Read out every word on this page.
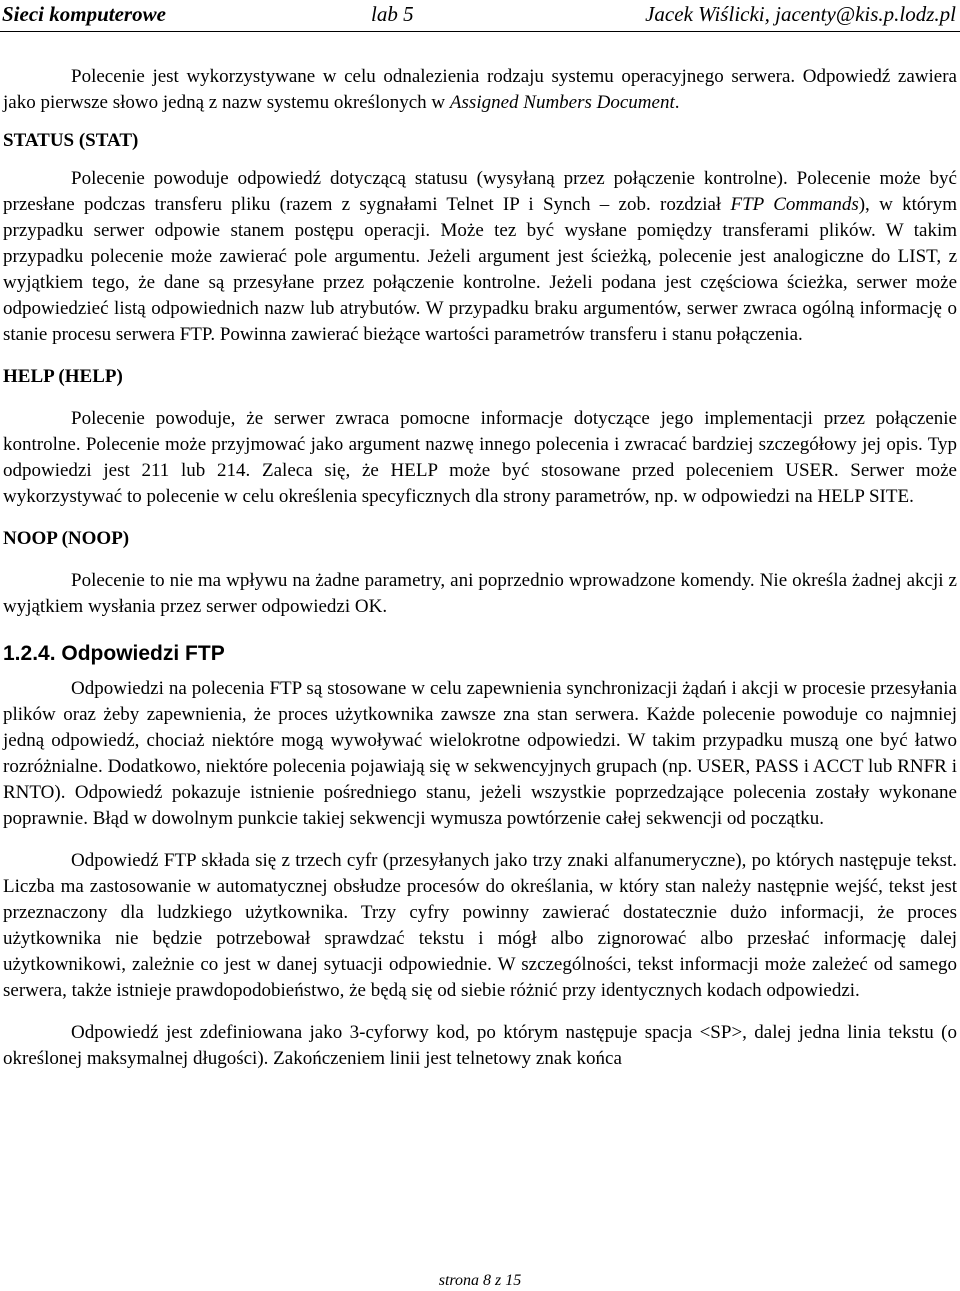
Sieci komputerowe	lab 5	Jacek Wiślicki, jacenty@kis.p.lodz.pl

Polecenie jest wykorzystywane w celu odnalezienia rodzaju systemu operacyjnego serwera. Odpowiedź zawiera jako pierwsze słowo jedną z nazw systemu określonych w Assigned Numbers Document.

STATUS (STAT)

Polecenie powoduje odpowiedź dotyczącą statusu (wysyłaną przez połączenie kontrolne). Polecenie może być przesłane podczas transferu pliku (razem z sygnałami Telnet IP i Synch – zob. rozdział FTP Commands), w którym przypadku serwer odpowie stanem postępu operacji. Może tez być wysłane pomiędzy transferami plików. W takim przypadku polecenie może zawierać pole argumentu. Jeżeli argument jest ścieżką, polecenie jest analogiczne do LIST, z wyjątkiem tego, że dane są przesyłane przez połączenie kontrolne. Jeżeli podana jest częściowa ścieżka, serwer może odpowiedzieć listą odpowiednich nazw lub atrybutów. W przypadku braku argumentów, serwer zwraca ogólną informację o stanie procesu serwera FTP. Powinna zawierać bieżące wartości parametrów transferu i stanu połączenia.

HELP (HELP)

Polecenie powoduje, że serwer zwraca pomocne informacje dotyczące jego implementacji przez połączenie kontrolne. Polecenie może przyjmować jako argument nazwę innego polecenia i zwracać bardziej szczegółowy jej opis. Typ odpowiedzi jest 211 lub 214. Zaleca się, że HELP może być stosowane przed poleceniem USER. Serwer może wykorzystywać to polecenie w celu określenia specyficznych dla strony parametrów, np. w odpowiedzi na HELP SITE.

NOOP (NOOP)

Polecenie to nie ma wpływu na żadne parametry, ani poprzednio wprowadzone komendy. Nie określa żadnej akcji z wyjątkiem wysłania przez serwer odpowiedzi OK.

1.2.4. Odpowiedzi FTP

Odpowiedzi na polecenia FTP są stosowane w celu zapewnienia synchronizacji żądań i akcji w procesie przesyłania plików oraz żeby zapewnienia, że proces użytkownika zawsze zna stan serwera. Każde polecenie powoduje co najmniej jedną odpowiedź, chociaż niektóre mogą wywoływać wielokrotne odpowiedzi. W takim przypadku muszą one być łatwo rozróżnialne. Dodatkowo, niektóre polecenia pojawiają się w sekwencyjnych grupach (np. USER, PASS i ACCT lub RNFR i RNTO). Odpowiedź pokazuje istnienie pośredniego stanu, jeżeli wszystkie poprzedzające polecenia zostały wykonane poprawnie. Błąd w dowolnym punkcie takiej sekwencji wymusza powtórzenie całej sekwencji od początku.

Odpowiedź FTP składa się z trzech cyfr (przesyłanych jako trzy znaki alfanumeryczne), po których następuje tekst. Liczba ma zastosowanie w automatycznej obsłudze procesów do określania, w który stan należy następnie wejść, tekst jest przeznaczony dla ludzkiego użytkownika. Trzy cyfry powinny zawierać dostatecznie dużo informacji, że proces użytkownika nie będzie potrzebował sprawdzać tekstu i mógł albo zignorować albo przesłać informację dalej użytkownikowi, zależnie co jest w danej sytuacji odpowiednie. W szczególności, tekst informacji może zależeć od samego serwera, także istnieje prawdopodobieństwo, że będą się od siebie różnić przy identycznych kodach odpowiedzi.

Odpowiedź jest zdefiniowana jako 3-cyforwy kod, po którym następuje spacja <SP>, dalej jedna linia tekstu (o określonej maksymalnej długości). Zakończeniem linii jest telnetowy znak końca

strona 8 z 15
